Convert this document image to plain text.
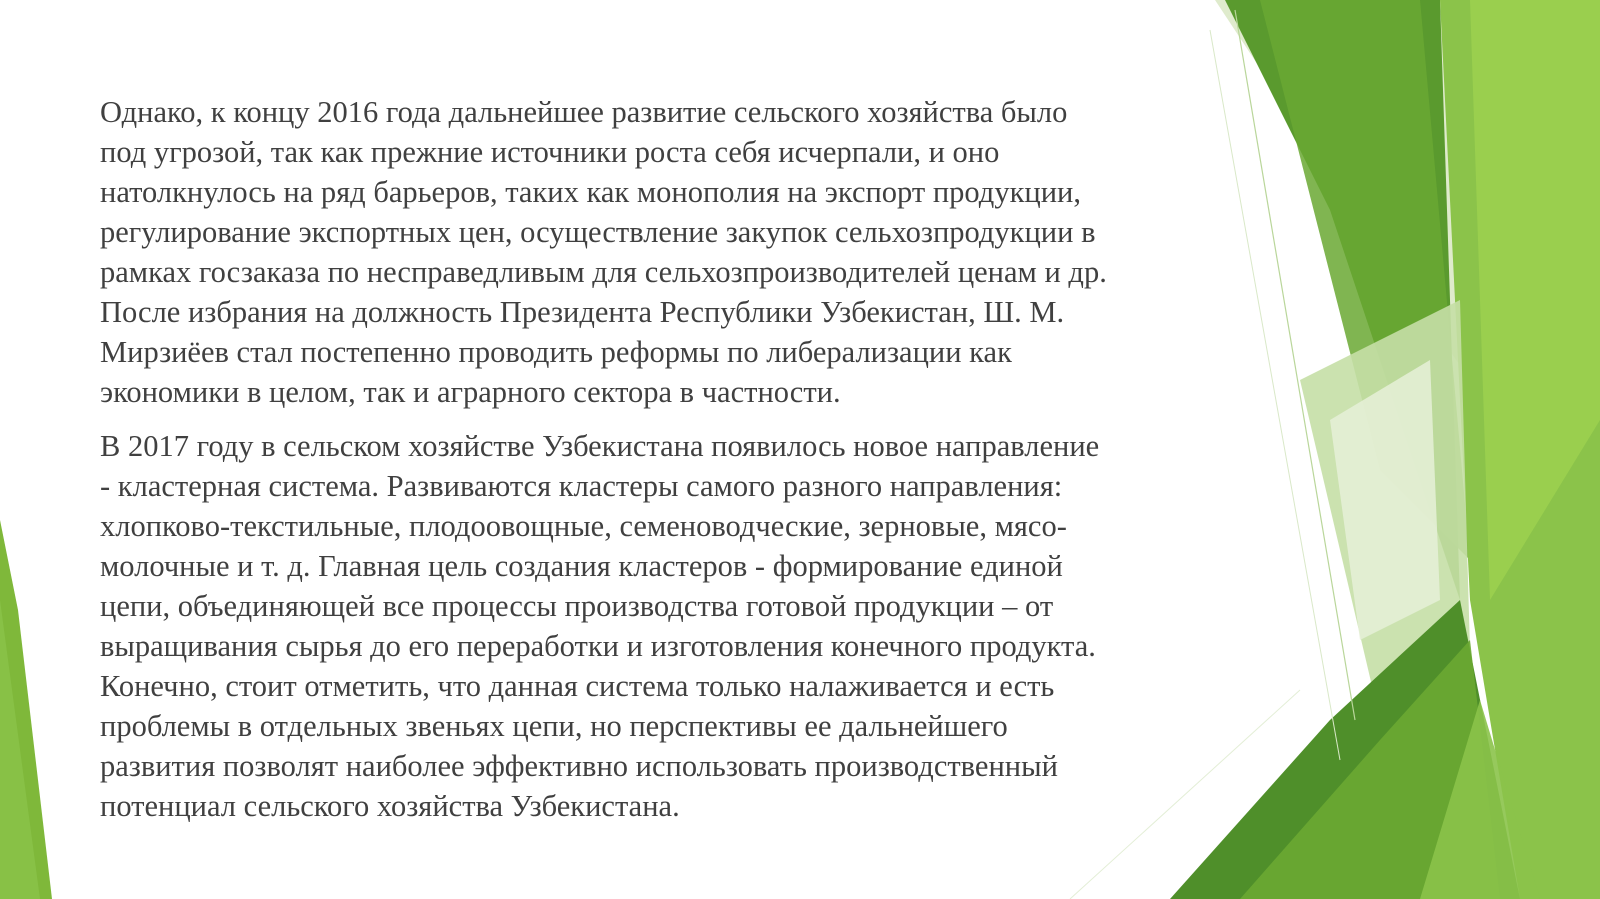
Однако, к концу 2016 года дальнейшее развитие сельского хозяйства было
под угрозой, так как прежние источники роста себя исчерпали, и оно
натолкнулось на ряд барьеров, таких как монополия на экспорт продукции,
регулирование экспортных цен, осуществление закупок сельхозпродукции в
рамках госзаказа по несправедливым для сельхозпроизводителей ценам и др.
После избрания на должность Президента Республики Узбекистан, Ш. М.
Мирзиёев стал постепенно проводить реформы по либерализации как
экономики в целом, так и аграрного сектора в частности.

В 2017 году в сельском хозяйстве Узбекистана появилось новое направление
- кластерная система. Развиваются кластеры самого разного направления:
хлопково-текстильные, плодоовощные, семеноводческие, зерновые, мясо-
молочные и т. д. Главная цель создания кластеров - формирование единой
цепи, объединяющей все процессы производства готовой продукции – от
выращивания сырья до его переработки и изготовления конечного продукта.
Конечно, стоит отметить, что данная система только налаживается и есть
проблемы в отдельных звеньях цепи, но перспективы ее дальнейшего
развития позволят наиболее эффективно использовать производственный
потенциал сельского хозяйства Узбекистана.
